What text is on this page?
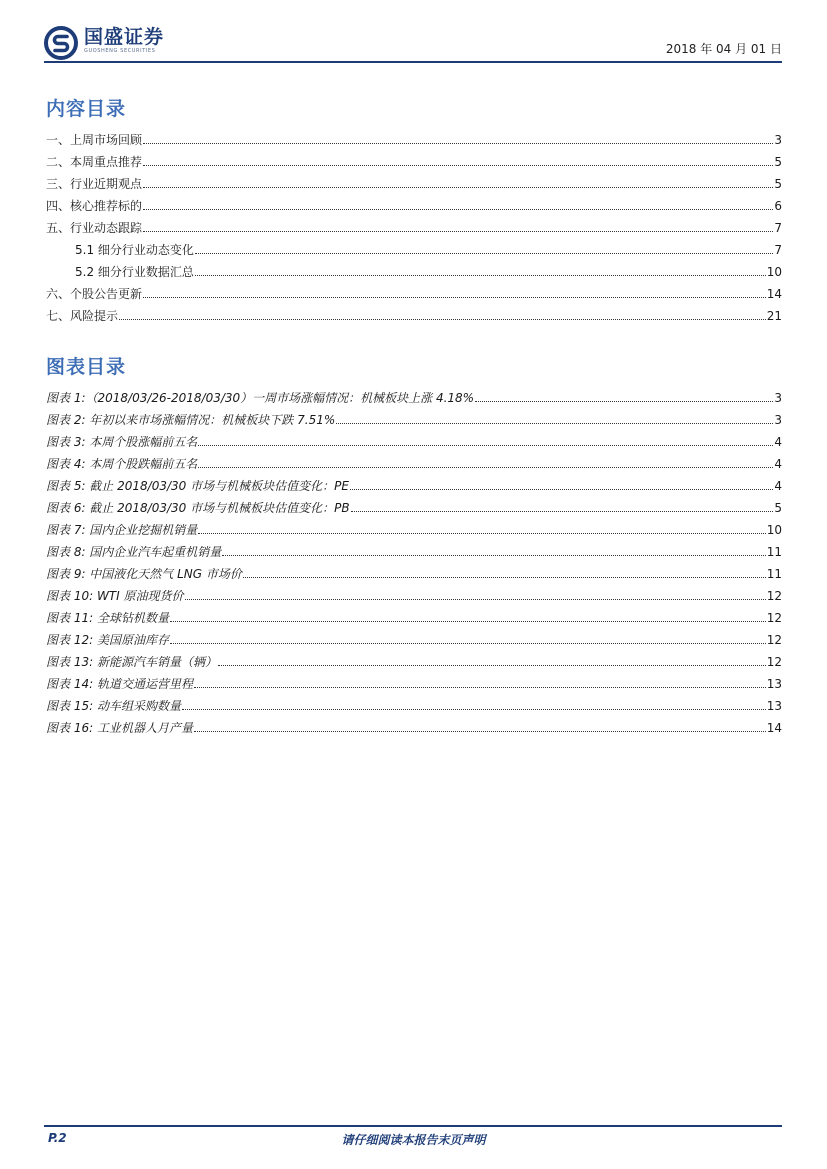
国盛证券
GUOSHENG SECURITIES	2018 年 04 月 01 日
内容目录
一、上周市场回顾	3
二、本周重点推荐	5
三、行业近期观点	5
四、核心推荐标的	6
五、行业动态跟踪	7
5.1 细分行业动态变化	7
5.2 细分行业数据汇总	10
六、个股公告更新	14
七、风险提示	21
图表目录
图表 1:（2018/03/26-2018/03/30）一周市场涨幅情况：机械板块上涨 4.18%	3
图表 2: 年初以来市场涨幅情况：机械板块下跌 7.51%	3
图表 3: 本周个股涨幅前五名	4
图表 4: 本周个股跌幅前五名	4
图表 5: 截止 2018/03/30 市场与机械板块估值变化：PE	4
图表 6: 截止 2018/03/30 市场与机械板块估值变化：PB	5
图表 7: 国内企业挖掘机销量	10
图表 8: 国内企业汽车起重机销量	11
图表 9: 中国液化天然气 LNG 市场价	11
图表 10: WTI 原油现货价	12
图表 11: 全球钻机数量	12
图表 12: 美国原油库存	12
图表 13: 新能源汽车销量（辆）	12
图表 14: 轨道交通运营里程	13
图表 15: 动车组采购数量	13
图表 16: 工业机器人月产量	14
P.2	请仔细阅读本报告末页声明
